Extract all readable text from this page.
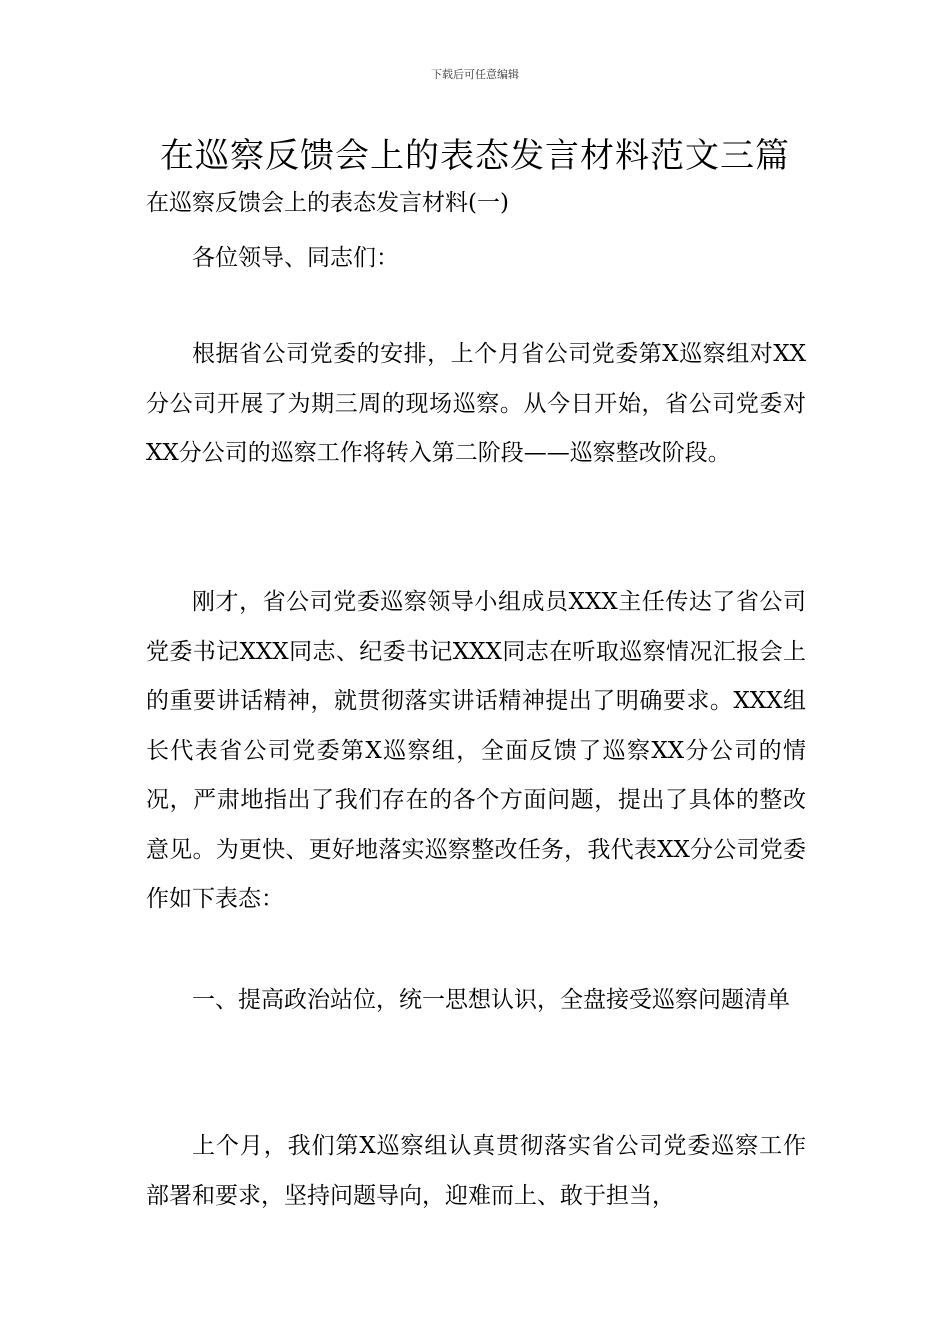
下载后可任意编辑
在巡察反馈会上的表态发言材料范文三篇
在巡察反馈会上的表态发言材料(一)

各位领导、同志们：

根据省公司党委的安排，上个月省公司党委第X巡察组对XX分公司开展了为期三周的现场巡察。从今日开始，省公司党委对XX分公司的巡察工作将转入第二阶段——巡察整改阶段。

刚才，省公司党委巡察领导小组成员XXX主任传达了省公司党委书记XXX同志、纪委书记XXX同志在听取巡察情况汇报会上的重要讲话精神，就贯彻落实讲话精神提出了明确要求。XXX组长代表省公司党委第X巡察组，全面反馈了巡察XX分公司的情况，严肃地指出了我们存在的各个方面问题，提出了具体的整改意见。为更快、更好地落实巡察整改任务，我代表XX分公司党委作如下表态：

一、提高政治站位，统一思想认识，全盘接受巡察问题清单

上个月，我们第X巡察组认真贯彻落实省公司党委巡察工作部署和要求，坚持问题导向，迎难而上、敢于担当，
